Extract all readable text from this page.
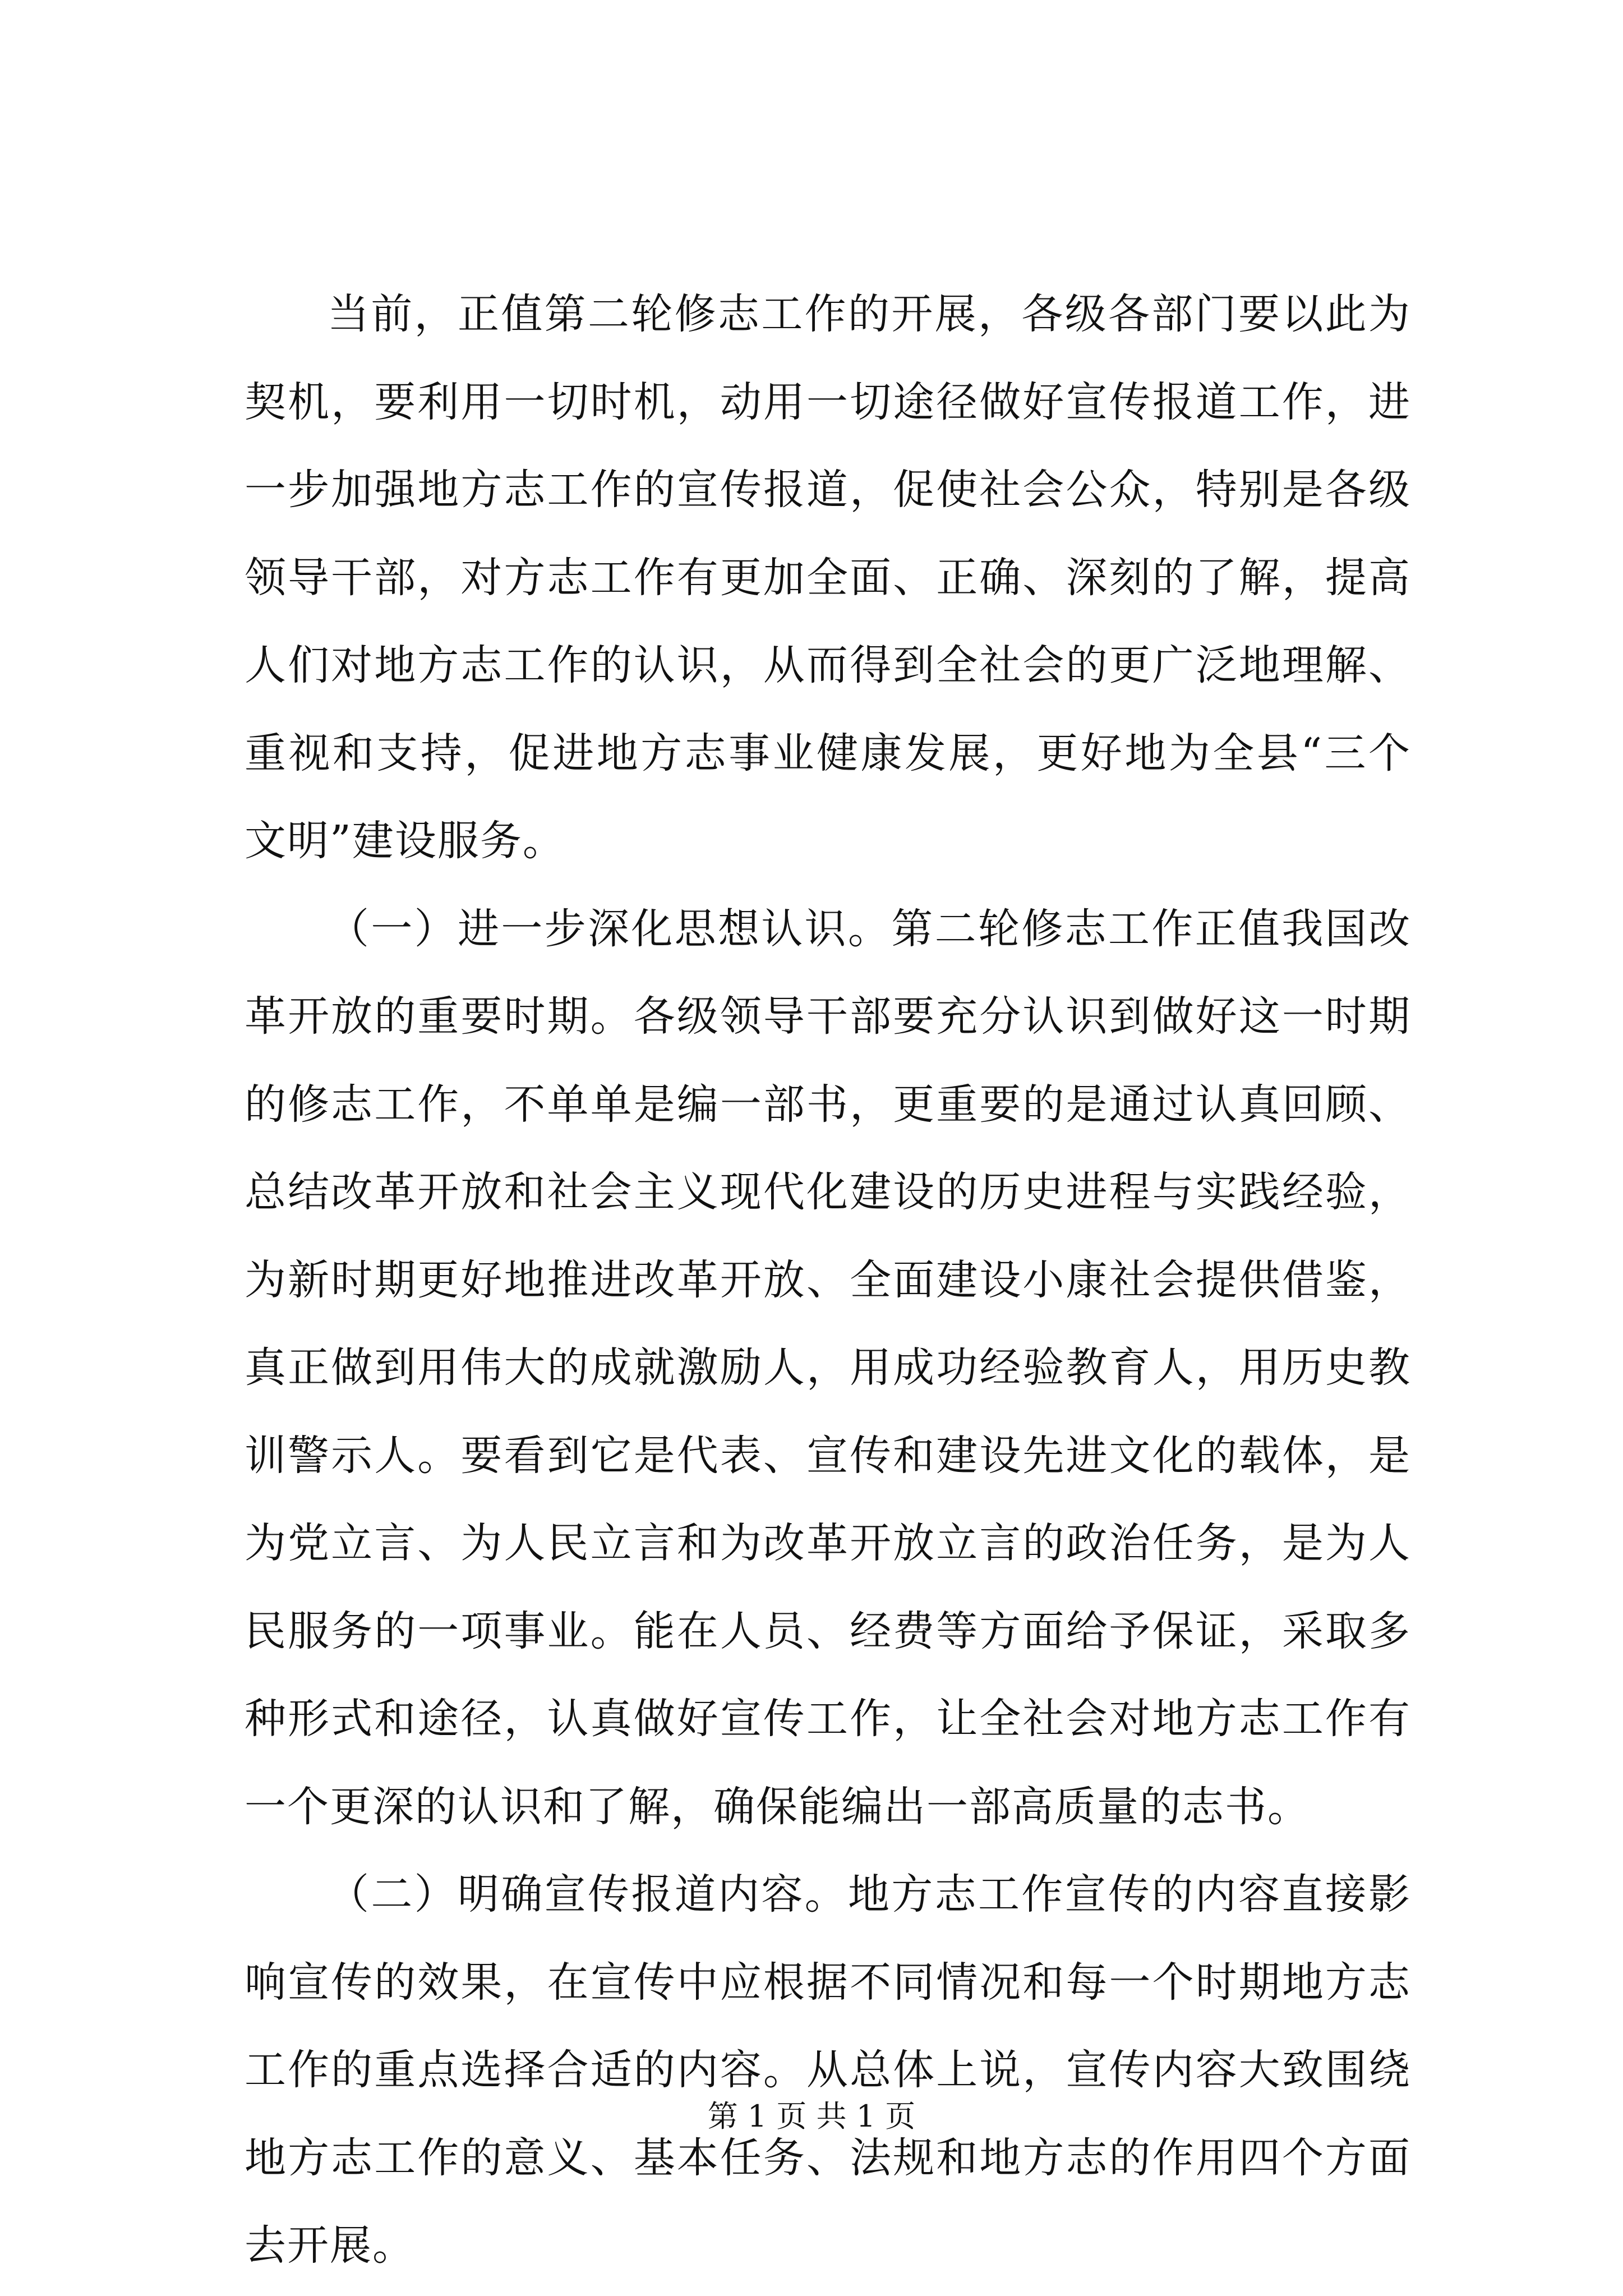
当前，正值第二轮修志工作的开展，各级各部门要以此为契机，要利用一切时机，动用一切途径做好宣传报道工作，进一步加强地方志工作的宣传报道，促使社会公众，特别是各级领导干部，对方志工作有更加全面、正确、深刻的了解，提高人们对地方志工作的认识，从而得到全社会的更广泛地理解、重视和支持，促进地方志事业健康发展，更好地为全县“三个文明”建设服务。

（一）进一步深化思想认识。第二轮修志工作正值我国改革开放的重要时期。各级领导干部要充分认识到做好这一时期的修志工作，不单单是编一部书，更重要的是通过认真回顾、总结改革开放和社会主义现代化建设的历史进程与实践经验，为新时期更好地推进改革开放、全面建设小康社会提供借鉴，真正做到用伟大的成就激励人，用成功经验教育人，用历史教训警示人。要看到它是代表、宣传和建设先进文化的载体，是为党立言、为人民立言和为改革开放立言的政治任务，是为人民服务的一项事业。能在人员、经费等方面给予保证，采取多种形式和途径，认真做好宣传工作，让全社会对地方志工作有一个更深的认识和了解，确保能编出一部高质量的志书。

（二）明确宣传报道内容。地方志工作宣传的内容直接影响宣传的效果，在宣传中应根据不同情况和每一个时期地方志工作的重点选择合适的内容。从总体上说，宣传内容大致围绕地方志工作的意义、基本任务、法规和地方志的作用四个方面去开展。

第 1 页 共 1 页
